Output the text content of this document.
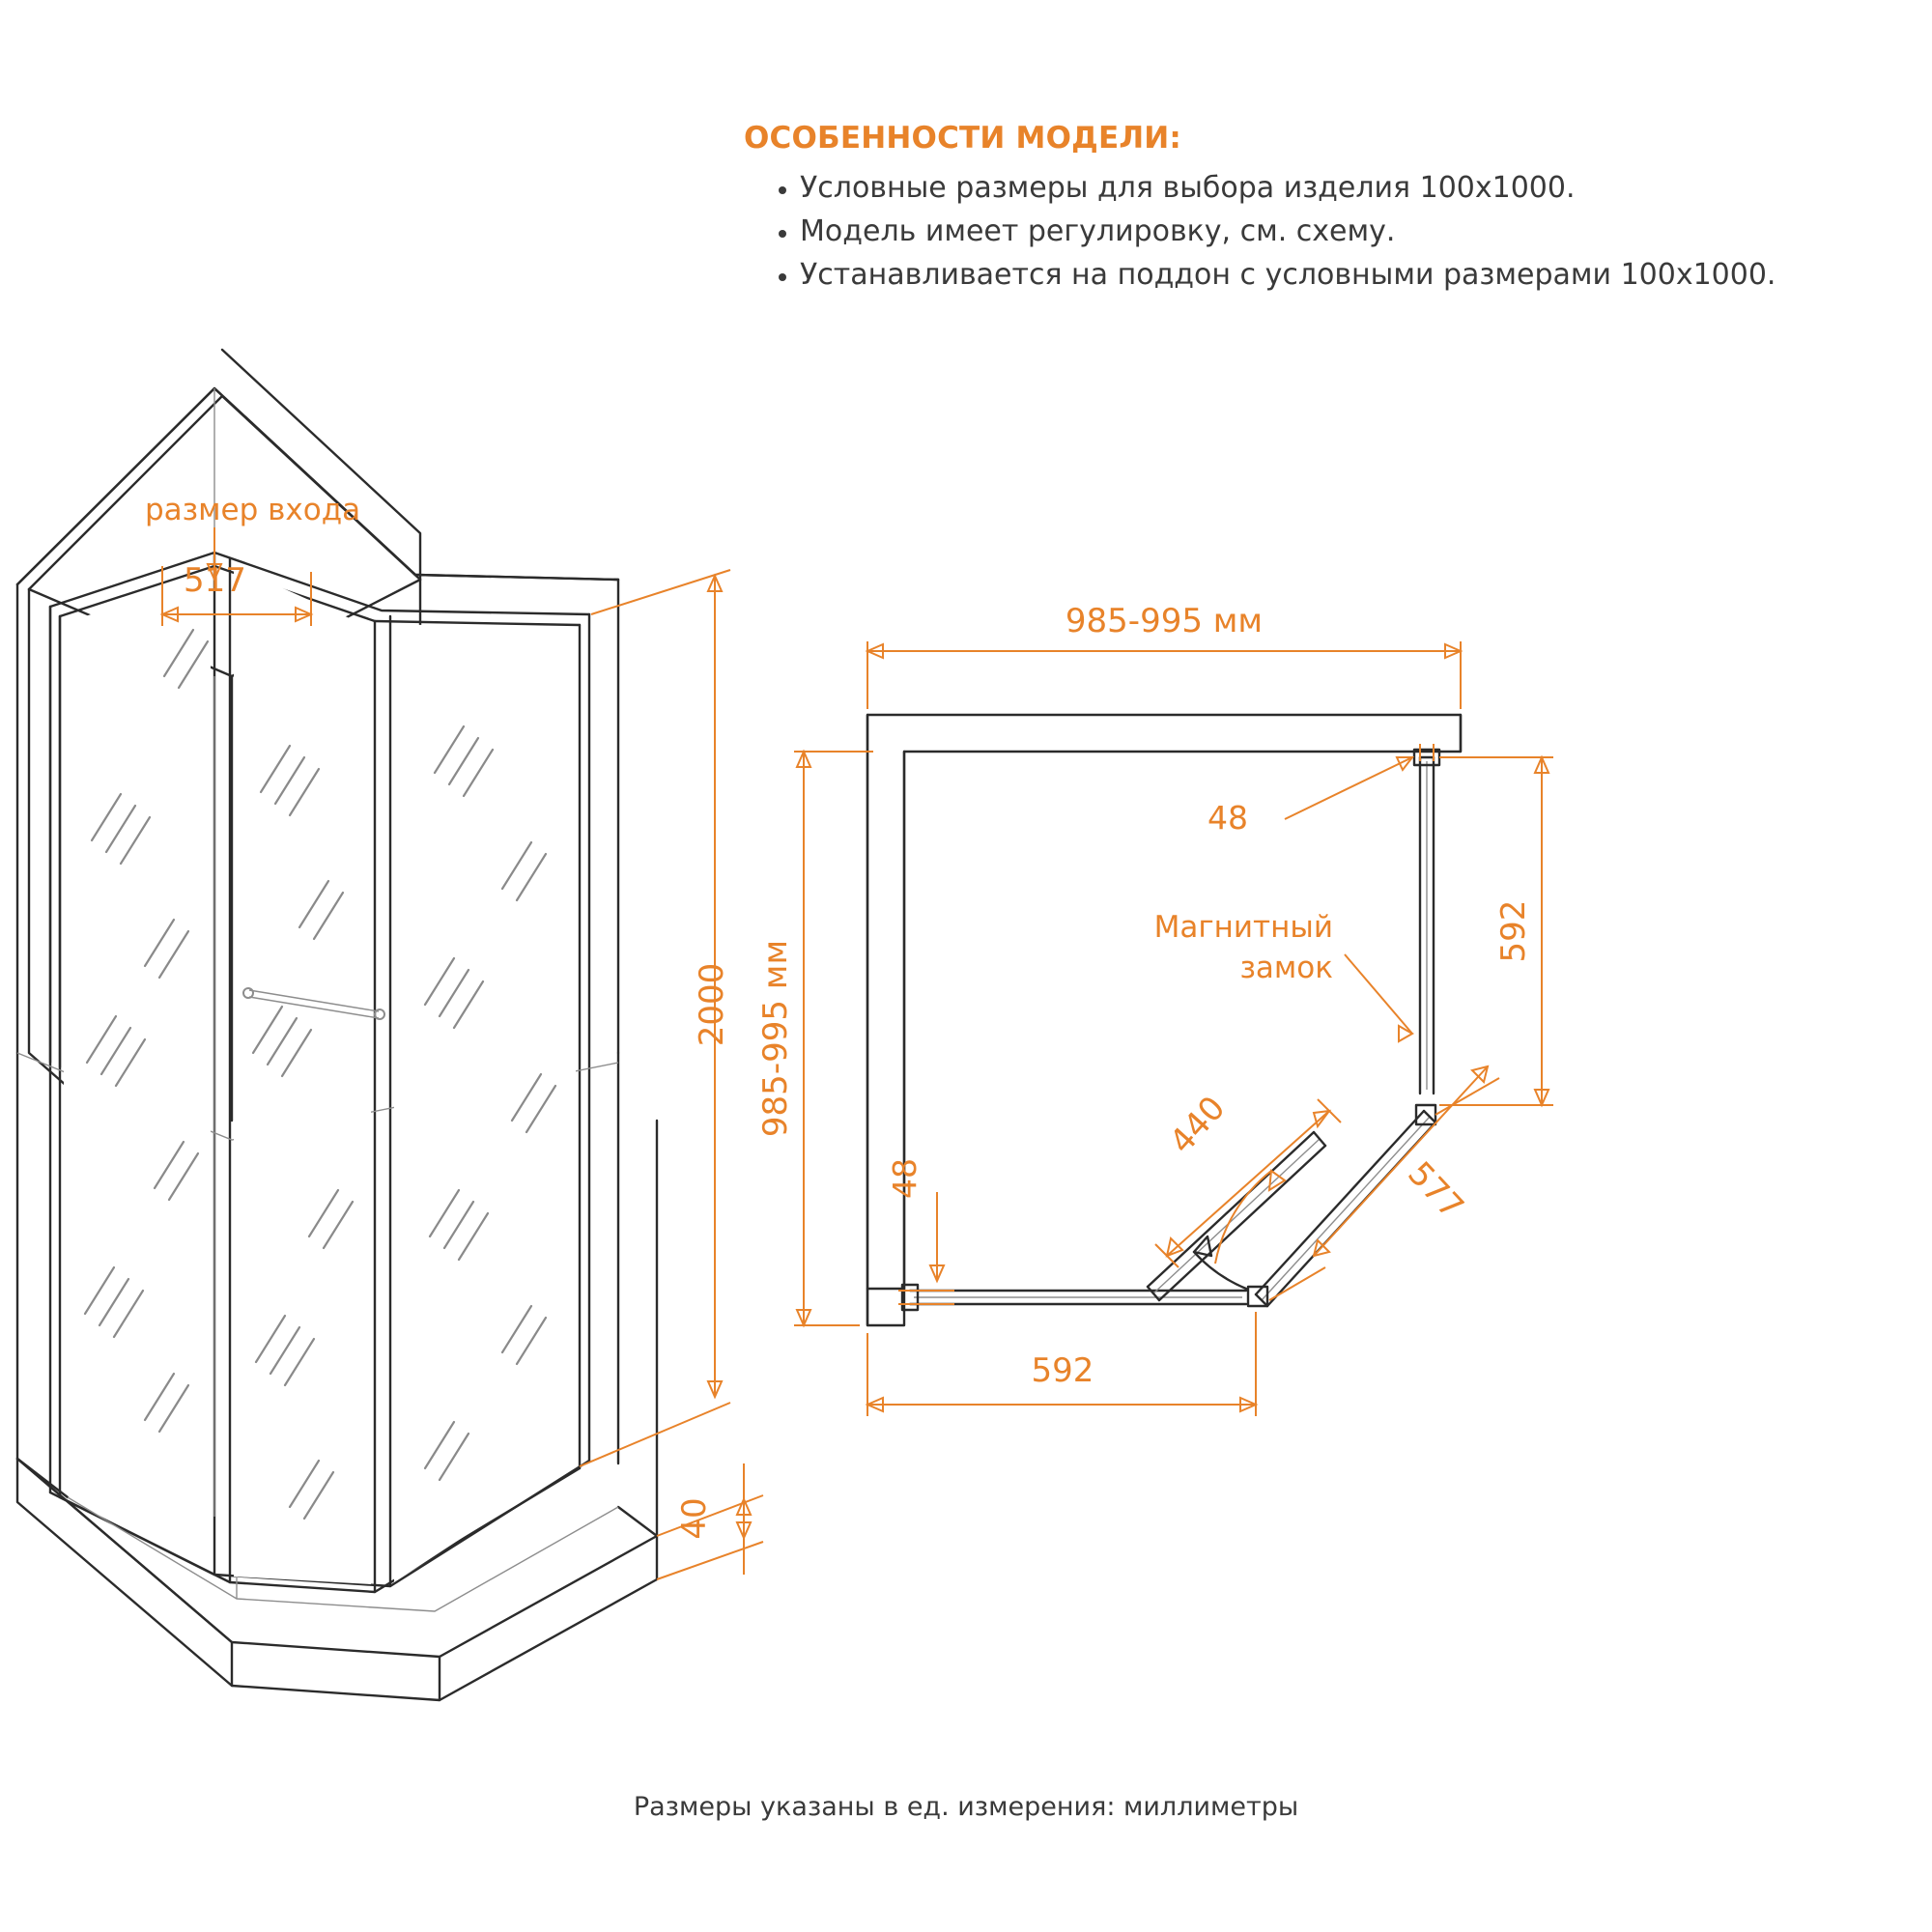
ОСОБЕННОСТИ МОДЕЛИ:
• Условные размеры для выбора изделия 100х1000.
• Модель имеет регулировку, см. схему.
• Устанавливается на поддон с условными размерами 100х1000.
размер входа
517
2000
40
985-995 мм
985-995 мм
48
48
592
592
440
577
Магнитный
замок
Размеры указаны в ед. измерения: миллиметры
